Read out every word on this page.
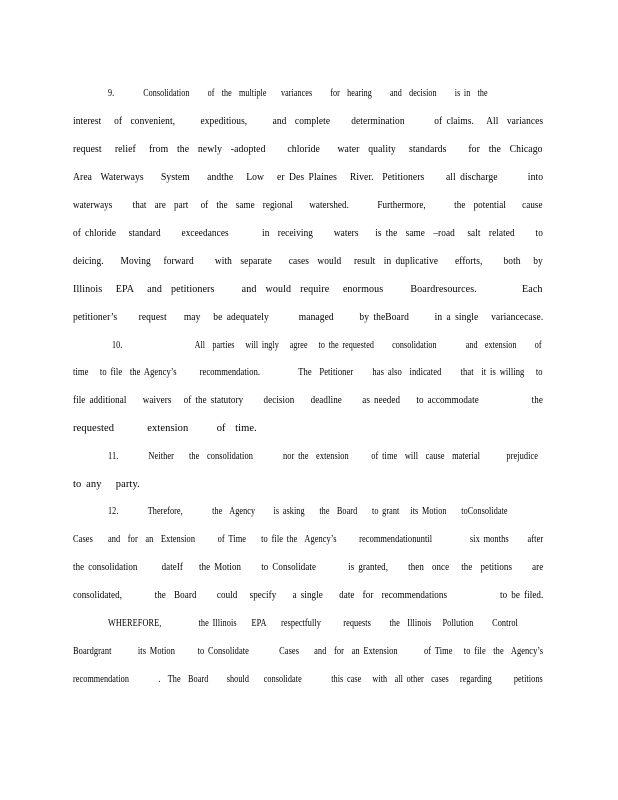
9.        Consolidation     of  the  multiple    variances     for  hearing     and  decision     is in  the
interest   of  convenient,      expeditious,      and  complete     determination       of claims.   All  variances
request   relief   from  the  newly  -adopted     chloride    water  quality   standards     for  the  Chicago
Area  Waterways    System    andthe   Low   er Des Plaines   River.  Petitioners     all discharge       into
waterways     that  are  part   of  the  same  regional    watershed.       Furthermore,       the  potential    cause
of chloride   standard     exceedances        in  receiving     waters    is the  same  –road   salt  related     to
deicing.    Moving   forward     with  separate    cases  would   result  in duplicative    efforts,     both   by
Illinois   EPA   and  petitioners      and  would  require   enormous      Boardresources.          Each
petitioner’s     request    may   be adequately       managed      by theBoard      in a single   variancecase.
10.                    All  parties   will ingly   agree   to the requested     consolidation        and  extension     of
time   to file  the Agency’s      recommendation.          The  Petitioner     has also  indicated     that  it is willing   to
file additional    waivers   of the statutory     decision    deadline     as needed    to accommodate             the
requested       extension      of  time.
11.        Neither    the  consolidation        nor the  extension      of time  will  cause  material       prejudice
to any   party.
12.        Therefore,        the  Agency     is asking    the  Board    to grant   its Motion    toConsolidate
Cases    and  for  an  Extension      of Time    to file the  Agency’s      recommendationuntil          six months     after
the consolidation      dateIf    the Motion     to Consolidate        is granted,     then  once   the  petitions     are
consolidated,        the  Board     could   specify    a single    date  for  recommendations             to be filed.
WHEREFORE,          the Illinois    EPA    respectfully      requests     the  Illinois   Pollution     Control
Boardgrant       its Motion      to Consolidate        Cases    and  for  an Extension       of Time   to file  the  Agency’s
recommendation        .  The  Board     should    consolidate        this case   with  all other  cases   regarding      petitions
